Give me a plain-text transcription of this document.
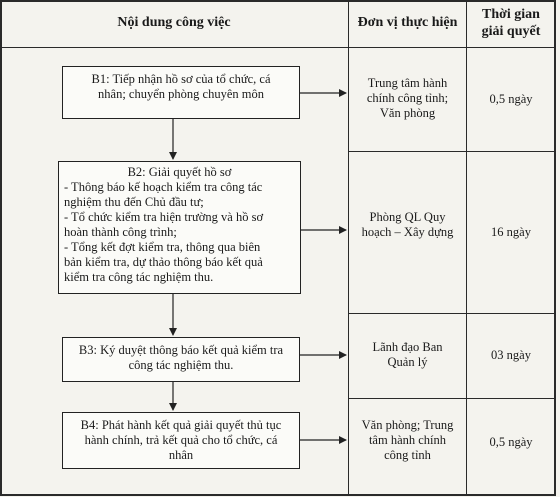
Nội dung công việc	Đơn vị thực hiện
Thời gian
giải quyết
B1: Tiếp nhận hồ sơ của tổ chức, cá
nhân; chuyển phòng chuyên môn
B2: Giải quyết hồ sơ
- Thông báo kế hoạch kiểm tra công tác
nghiệm thu đến Chủ đầu tư;
- Tổ chức kiểm tra hiện trường và hồ sơ
hoàn thành công trình;
- Tổng kết đợt kiểm tra, thông qua biên
bản kiểm tra, dự thảo thông báo kết quả
kiểm tra công tác nghiệm thu.
B3: Ký duyệt thông báo kết quả kiểm tra
công tác nghiệm thu.
B4: Phát hành kết quả giải quyết thủ tục
hành chính, trả kết quả cho tổ chức, cá
nhân
Trung tâm hành
chính công tỉnh;
Văn phòng
Phòng QL Quy
hoạch – Xây dựng
Lãnh đạo Ban
Quản lý
Văn phòng; Trung
tâm hành chính
công tỉnh
0,5 ngày
16 ngày
03 ngày
0,5 ngày
